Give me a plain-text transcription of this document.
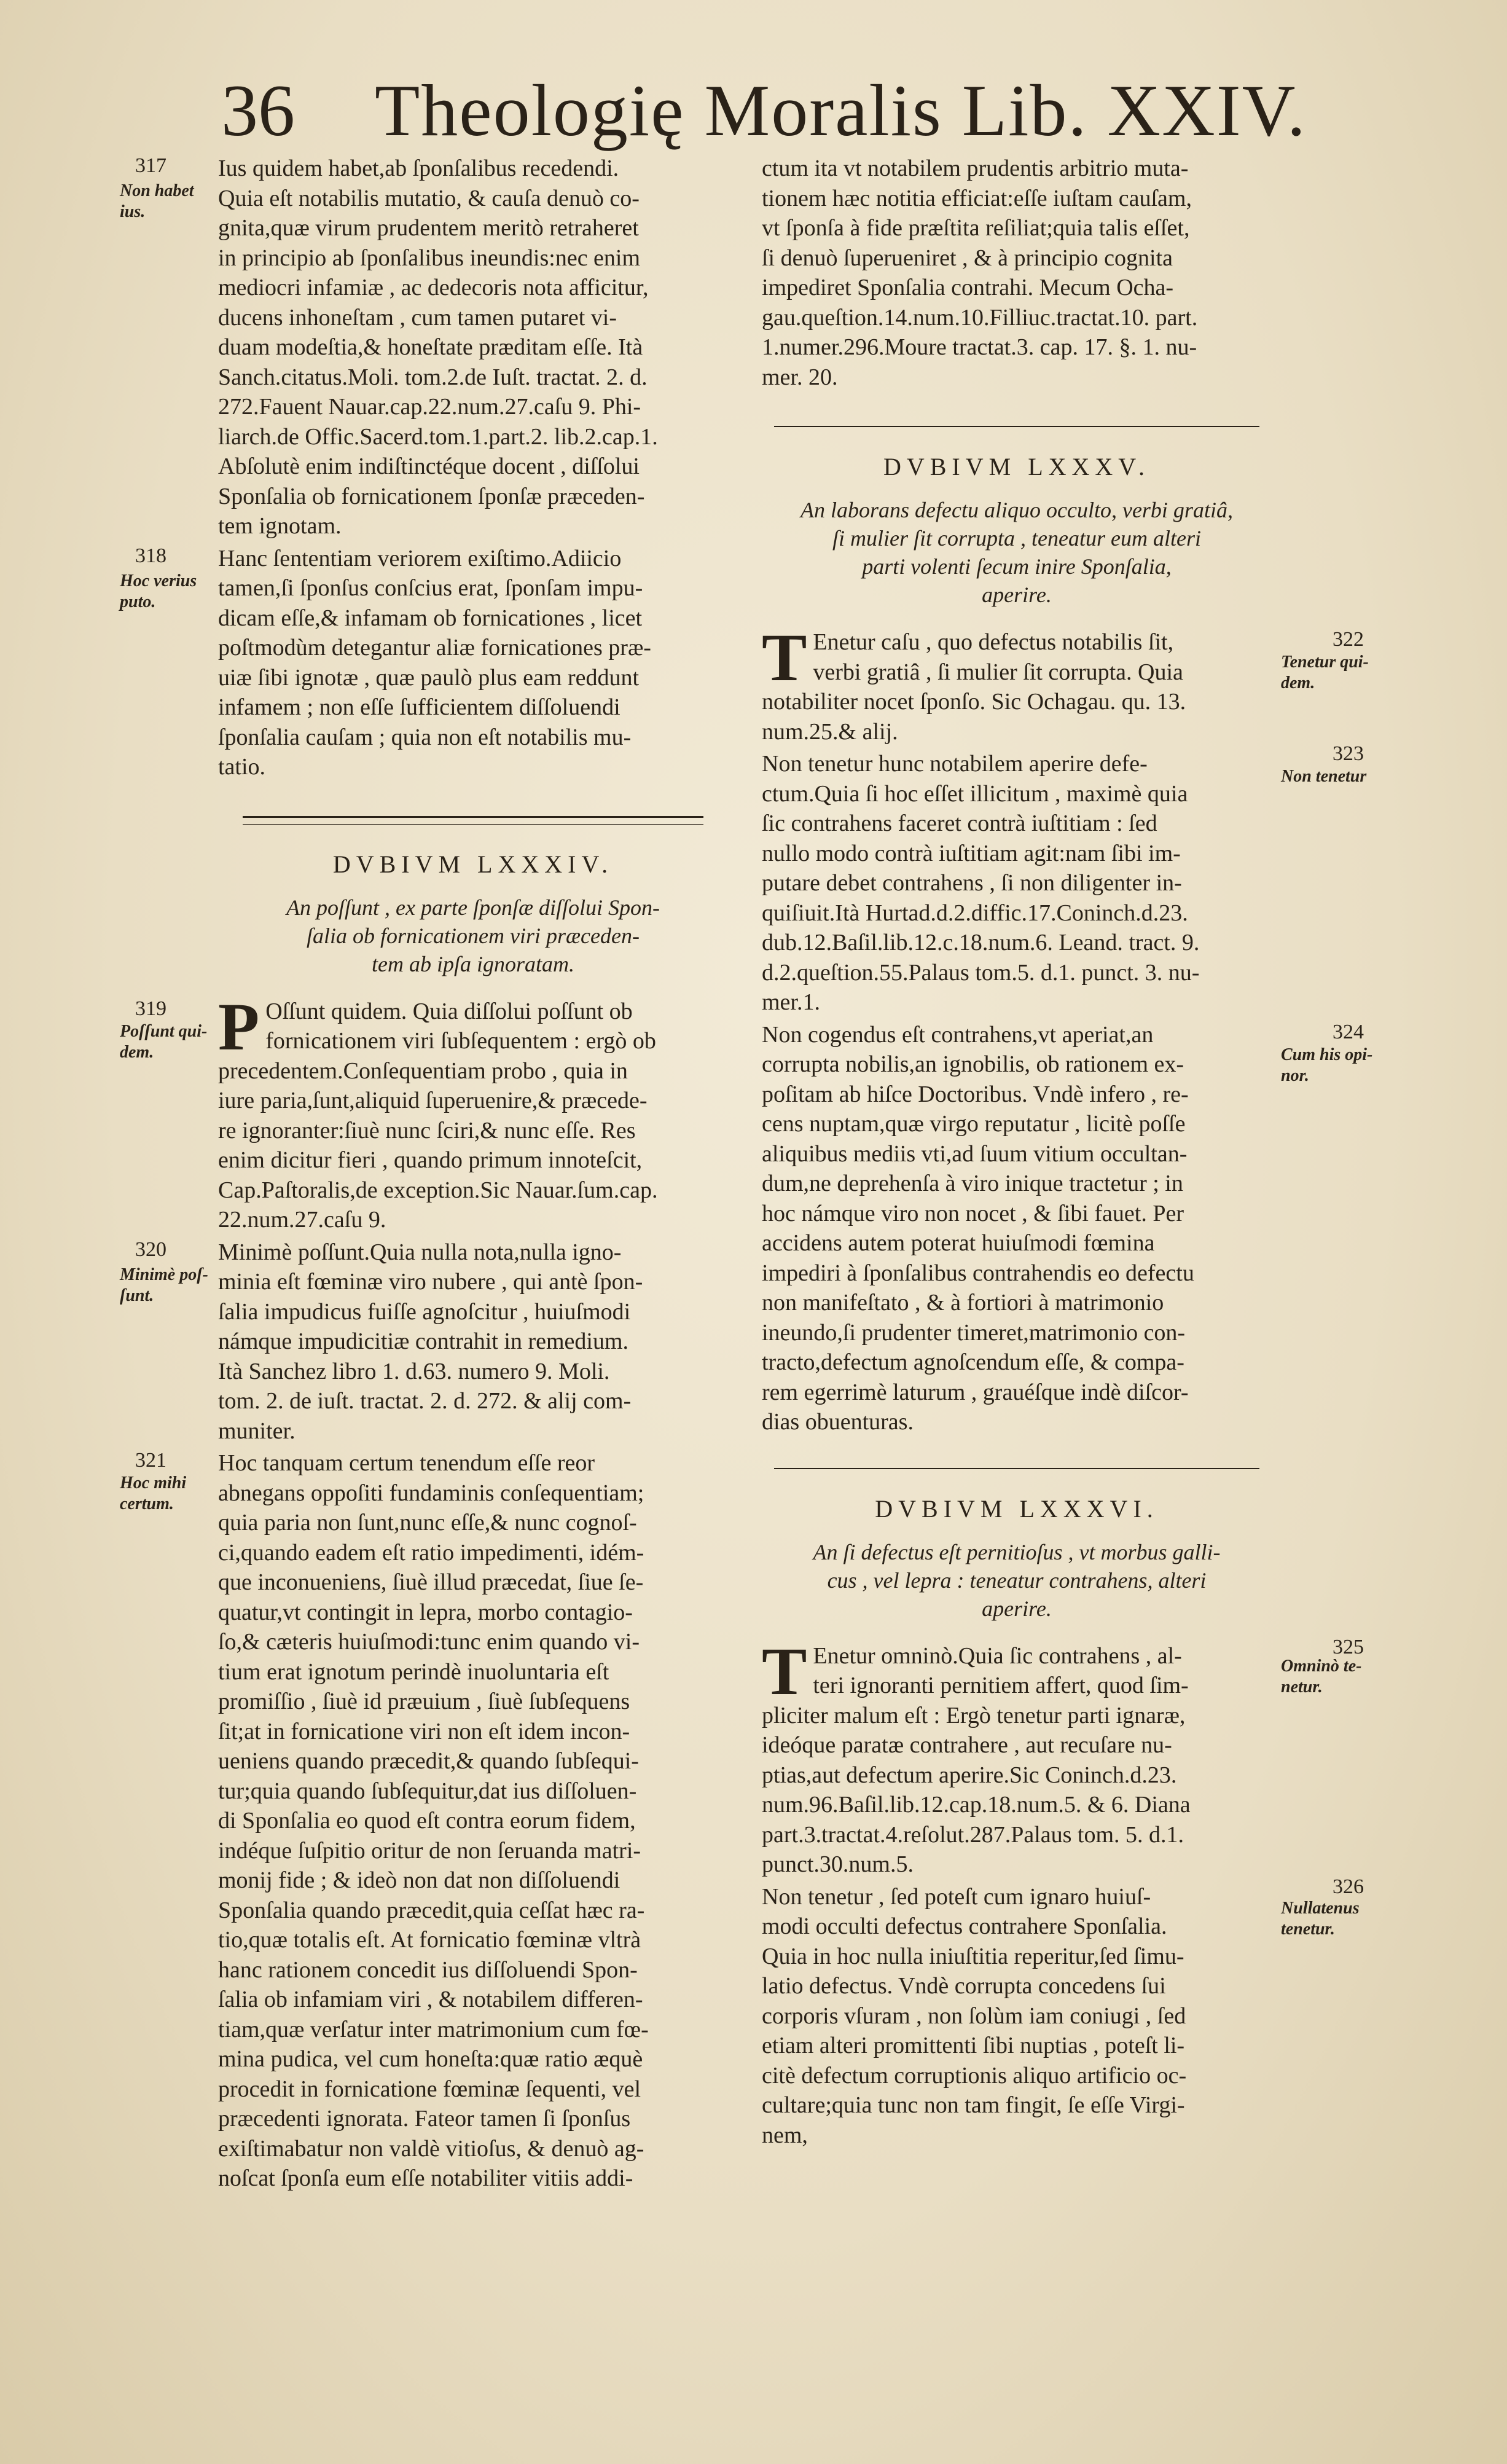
36 Theologię Moralis Lib. XXIV.
317
Non habet
ius.

Ius quidem habet,ab ſponſalibus recedendi.
Quia eſt notabilis mutatio, & cauſa denuò co-
gnita,quæ virum prudentem meritò retraheret
in principio ab ſponſalibus ineundis:nec enim
mediocri infamiæ , ac dedecoris nota afficitur,
ducens inhoneſtam , cum tamen putaret vi-
duam modeſtia,& honeſtate præditam eſſe. Ità
Sanch.citatus.Moli. tom.2.de Iuſt. tractat. 2. d.
272.Fauent Nauar.cap.22.num.27.caſu 9. Phi-
liarch.de Offic.Sacerd.tom.1.part.2. lib.2.cap.1.
Abſolutè enim indiſtinctéque docent , diſſolui
Sponſalia ob fornicationem ſponſæ præceden-
tem ignotam.

318
Hoc verius
puto.

Hanc ſententiam veriorem exiſtimo.Adiicio
tamen,ſi ſponſus conſcius erat, ſponſam impu-
dicam eſſe,& infamam ob fornicationes , licet
poſtmodùm detegantur aliæ fornicationes præ-
uiæ ſibi ignotæ , quæ paulò plus eam reddunt
infamem ; non eſſe ſufficientem diſſoluendi
ſponſalia cauſam ; quia non eſt notabilis mu-
tatio.

DVBIVM LXXXIV.
An poſſunt , ex parte ſponſæ diſſolui Spon-
ſalia ob fornicationem viri præceden-
tem ab ipſa ignoratam.
319
Poſſunt qui-
dem. P Oſſunt quidem. Quia diſſolui poſſunt ob
fornicationem viri ſubſequentem : ergò ob
precedentem.Conſequentiam probo , quia in
iure paria,ſunt,aliquid ſuperuenire,& præcede-
re ignoranter:ſiuè nunc ſciri,& nunc eſſe. Res
enim dicitur fieri , quando primum innoteſcit,
Cap.Paſtoralis,de exception.Sic Nauar.ſum.cap.
22.num.27.caſu 9.

320
Minimè poſ-
ſunt.

Minimè poſſunt.Quia nulla nota,nulla igno-
minia eſt fœminæ viro nubere , qui antè ſpon-
ſalia impudicus fuiſſe agnoſcitur , huiuſmodi
námque impudicitiæ contrahit in remedium.
Ità Sanchez libro 1. d.63. numero 9. Moli.
tom. 2. de iuſt. tractat. 2. d. 272. & alij com-
muniter.

321
Hoc mihi
certum.

Hoc tanquam certum tenendum eſſe reor
abnegans oppoſiti fundaminis conſequentiam;
quia paria non ſunt,nunc eſſe,& nunc cognoſ-
ci,quando eadem eſt ratio impedimenti, idém-
que inconueniens, ſiuè illud præcedat, ſiue ſe-
quatur,vt contingit in lepra, morbo contagio-
ſo,& cæteris huiuſmodi:tunc enim quando vi-
tium erat ignotum perindè inuoluntaria eſt
promiſſio , ſiuè id præuium , ſiuè ſubſequens
ſit;at in fornicatione viri non eſt idem incon-
ueniens quando præcedit,& quando ſubſequi-
tur;quia quando ſubſequitur,dat ius diſſoluen-
di Sponſalia eo quod eſt contra eorum fidem,
indéque ſuſpitio oritur de non ſeruanda matri-
monij fide ; & ideò non dat non diſſoluendi
Sponſalia quando præcedit,quia ceſſat hæc ra-
tio,quæ totalis eſt. At fornicatio fœminæ vltrà
hanc rationem concedit ius diſſoluendi Spon-
ſalia ob infamiam viri , & notabilem differen-
tiam,quæ verſatur inter matrimonium cum fœ-
mina pudica, vel cum honeſta:quæ ratio æquè
procedit in fornicatione fœminæ ſequenti, vel
præcedenti ignorata. Fateor tamen ſi ſponſus
exiſtimabatur non valdè vitioſus, & denuò ag-
noſcat ſponſa eum eſſe notabiliter vitiis addi-

ctum ita vt notabilem prudentis arbitrio muta-
tionem hæc notitia efficiat:eſſe iuſtam cauſam,
vt ſponſa à fide præſtita reſiliat;quia talis eſſet,
ſi denuò ſuperueniret , & à principio cognita
impediret Sponſalia contrahi. Mecum Ocha-
gau.queſtion.14.num.10.Filliuc.tractat.10. part.
1.numer.296.Moure tractat.3. cap. 17. §. 1. nu-
mer. 20.

DVBIVM LXXXV.
An laborans defectu aliquo occulto, verbi gratiâ,
ſi mulier ſit corrupta , teneatur eum alteri
parti volenti ſecum inire Sponſalia,
aperire.
322
Tenetur qui-
dem.
T Enetur caſu , quo defectus notabilis ſit,
verbi gratiâ , ſi mulier ſit corrupta. Quia
notabiliter nocet ſponſo. Sic Ochagau. qu. 13.
num.25.& alij.

323
Non tenetur

Non tenetur hunc notabilem aperire defe-
ctum.Quia ſi hoc eſſet illicitum , maximè quia
ſic contrahens faceret contrà iuſtitiam : ſed
nullo modo contrà iuſtitiam agit:nam ſibi im-
putare debet contrahens , ſi non diligenter in-
quiſiuit.Ità Hurtad.d.2.diffic.17.Coninch.d.23.
dub.12.Baſil.lib.12.c.18.num.6. Leand. tract. 9.
d.2.queſtion.55.Palaus tom.5. d.1. punct. 3. nu-
mer.1.

324
Cum his opi-
nor.

Non cogendus eſt contrahens,vt aperiat,an
corrupta nobilis,an ignobilis, ob rationem ex-
poſitam ab hiſce Doctoribus. Vndè infero , re-
cens nuptam,quæ virgo reputatur , licitè poſſe
aliquibus mediis vti,ad ſuum vitium occultan-
dum,ne deprehenſa à viro inique tractetur ; in
hoc námque viro non nocet , & ſibi fauet. Per
accidens autem poterat huiuſmodi fœmina
impediri à ſponſalibus contrahendis eo defectu
non manifeſtato , & à fortiori à matrimonio
ineundo,ſi prudenter timeret,matrimonio con-
tracto,defectum agnoſcendum eſſe, & compa-
rem egerrimè laturum , grauéſque indè diſcor-
dias obuenturas.

DVBIVM LXXXVI.
An ſi defectus eſt pernitioſus , vt morbus galli-
cus , vel lepra : teneatur contrahens, alteri
aperire.
325
Omninò te-
netur.
T Enetur omninò.Quia ſic contrahens , al-
teri ignoranti pernitiem affert, quod ſim-
pliciter malum eſt : Ergò tenetur parti ignaræ,
ideóque paratæ contrahere , aut recuſare nu-
ptias,aut defectum aperire.Sic Coninch.d.23.
num.96.Baſil.lib.12.cap.18.num.5. & 6. Diana
part.3.tractat.4.reſolut.287.Palaus tom. 5. d.1.
punct.30.num.5.

326
Nullatenus
tenetur.

Non tenetur , ſed poteſt cum ignaro huiuſ-
modi occulti defectus contrahere Sponſalia.
Quia in hoc nulla iniuſtitia reperitur,ſed ſimu-
latio defectus. Vndè corrupta concedens ſui
corporis vſuram , non ſolùm iam coniugi , ſed
etiam alteri promittenti ſibi nuptias , poteſt li-
citè defectum corruptionis aliquo artificio oc-
cultare;quia tunc non tam fingit, ſe eſſe Virgi-
nem,
